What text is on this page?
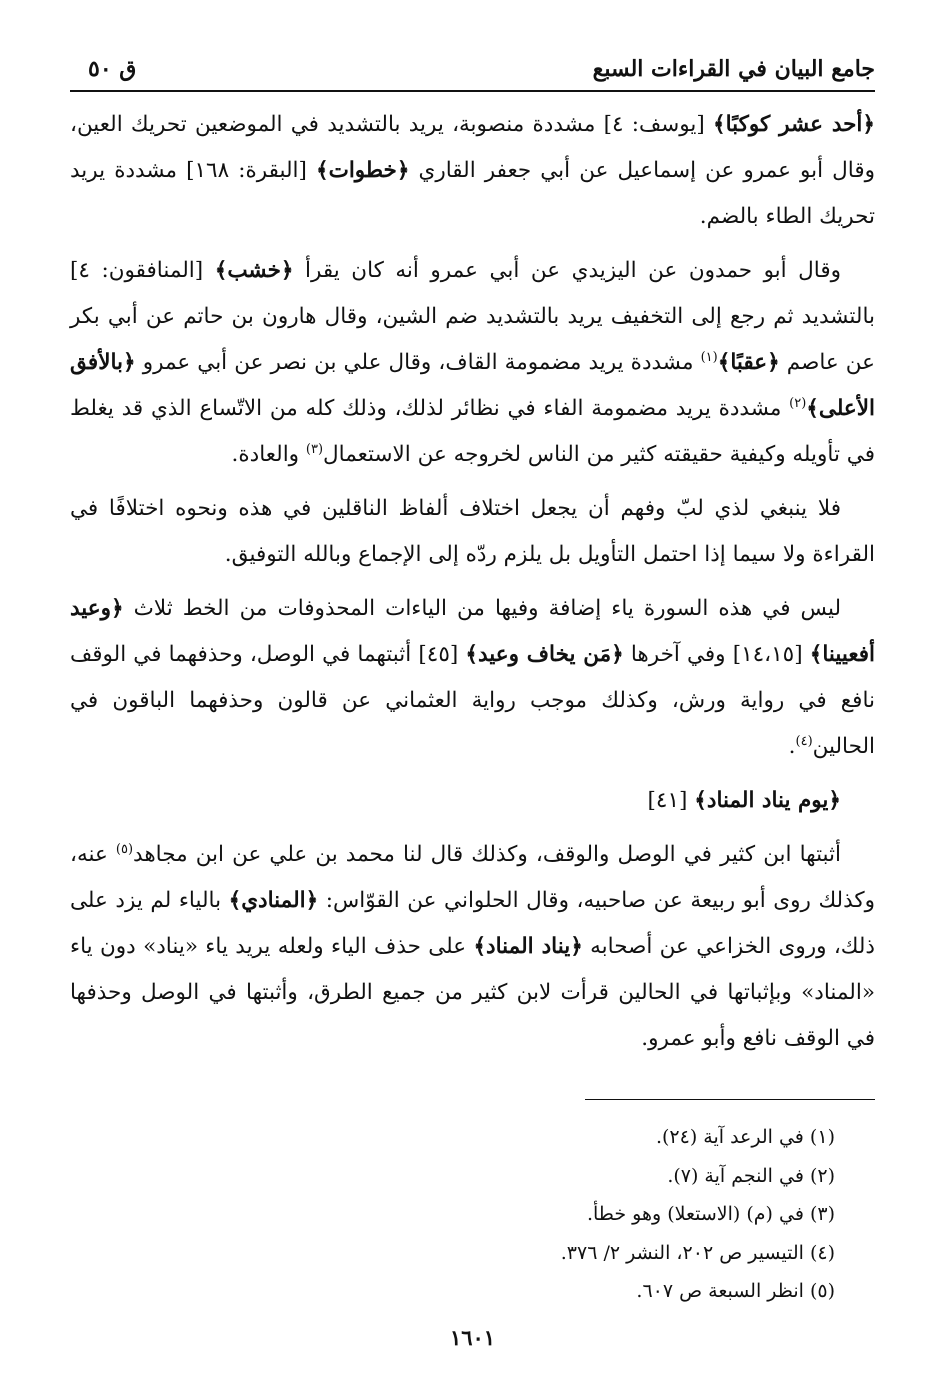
جامع البيان في القراءات السبع
ق ٥٠

﴿أحد عشر كوكبًا﴾ [يوسف: ٤] مشددة منصوبة، يريد بالتشديد في الموضعين تحريك العين، وقال أبو عمرو عن إسماعيل عن أبي جعفر القاري ﴿خطوات﴾ [البقرة: ١٦٨] مشددة يريد تحريك الطاء بالضم.

وقال أبو حمدون عن اليزيدي عن أبي عمرو أنه كان يقرأ ﴿خشب﴾ [المنافقون: ٤] بالتشديد ثم رجع إلى التخفيف يريد بالتشديد ضم الشين، وقال هارون بن حاتم عن أبي بكر عن عاصم ﴿عقبًا﴾$^{(١)}$ مشددة يريد مضمومة القاف، وقال علي بن نصر عن أبي عمرو ﴿بالأفق الأعلى﴾$^{(٢)}$ مشددة يريد مضمومة الفاء في نظائر لذلك، وذلك كله من الاتّساع الذي قد يغلط في تأويله وكيفية حقيقته كثير من الناس لخروجه عن الاستعمال$^{(٣)}$ والعادة.

فلا ينبغي لذي لبّ وفهم أن يجعل اختلاف ألفاظ الناقلين في هذه ونحوه اختلافًا في القراءة ولا سيما إذا احتمل التأويل بل يلزم ردّه إلى الإجماع وبالله التوفيق.

ليس في هذه السورة ياء إضافة وفيها من الياءات المحذوفات من الخط ثلاث ﴿وعيد أفعيينا﴾ [١٤،١٥] وفي آخرها ﴿مَن يخاف وعيد﴾ [٤٥] أثبتهما في الوصل، وحذفهما في الوقف نافع في رواية ورش، وكذلك موجب رواية العثماني عن قالون وحذفهما الباقون في الحالين$^{(٤)}$.

﴿يوم يناد المناد﴾ [٤١]

أثبتها ابن كثير في الوصل والوقف، وكذلك قال لنا محمد بن علي عن ابن مجاهد$^{(٥)}$ عنه، وكذلك روى أبو ربيعة عن صاحبيه، وقال الحلواني عن القوّاس: ﴿المنادي﴾ بالياء لم يزد على ذلك، وروى الخزاعي عن أصحابه ﴿يناد المناد﴾ على حذف الياء ولعله يريد ياء «يناد» دون ياء «المناد» وبإثباتها في الحالين قرأت لابن كثير من جميع الطرق، وأثبتها في الوصل وحذفها في الوقف نافع وأبو عمرو.

(١) في الرعد آية (٢٤).
(٢) في النجم آية (٧).
(٣) في (م) (الاستعلا) وهو خطأ.
(٤) التيسير ص ٢٠٢، النشر ٢/ ٣٧٦.
(٥) انظر السبعة ص ٦٠٧.
١٦٠١
